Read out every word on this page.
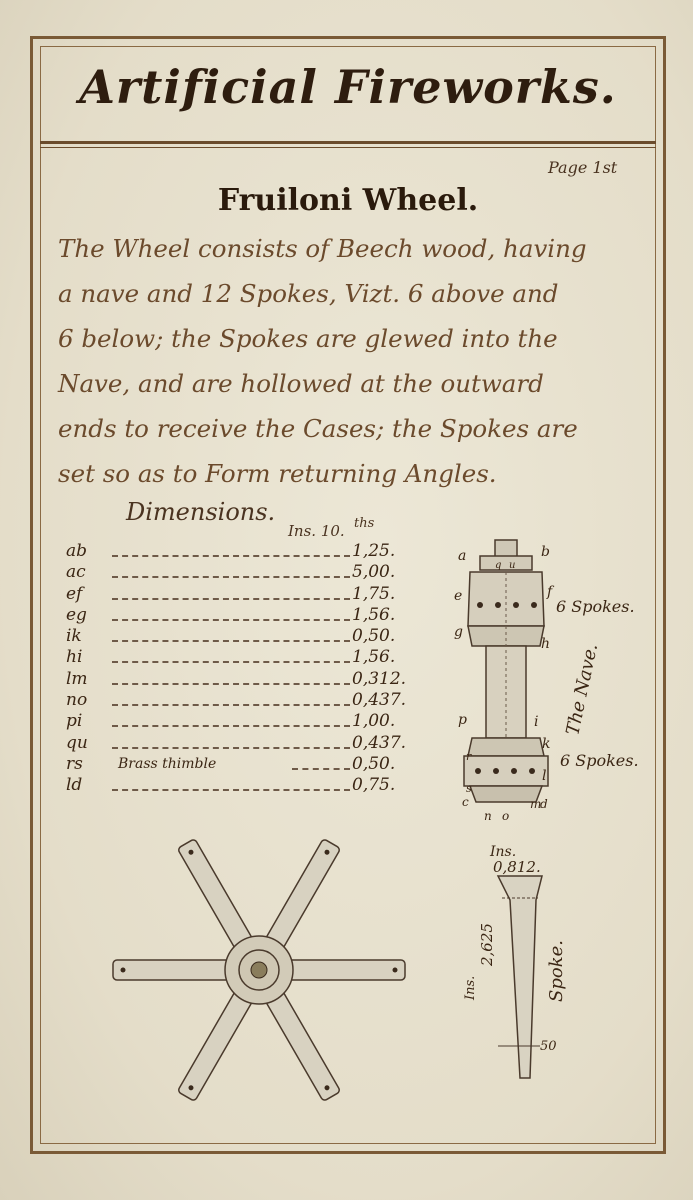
Artificial Fireworks.
Page 1st
Fruiloni Wheel.
The Wheel consists of Beech wood, having
a nave and 12 Spokes, Vizt. 6 above and
6 below; the Spokes are glewed into the
Nave, and are hollowed at the outward
ends to receive the Cases; the Spokes are
set so as to Form returning Angles.
Dimensions.
Ins. 10. ths
ab	1,25.
ac	5,00.
ef	1,75.
eg	1,56.
ik	0,50.
hi	1,56.
lm	0,312.
no	0,437.
pi	1,00.
qu	0,437.
rs	Brass thimble	0,50.
ld	0,75.
a	b
e	f
g
h
p	i
k
l
c	m
d
n o
r
s
q u
6 Spokes.
6 Spokes.
The Nave.
Ins.
0,812.
Ins.
2,625
50
Spoke.
